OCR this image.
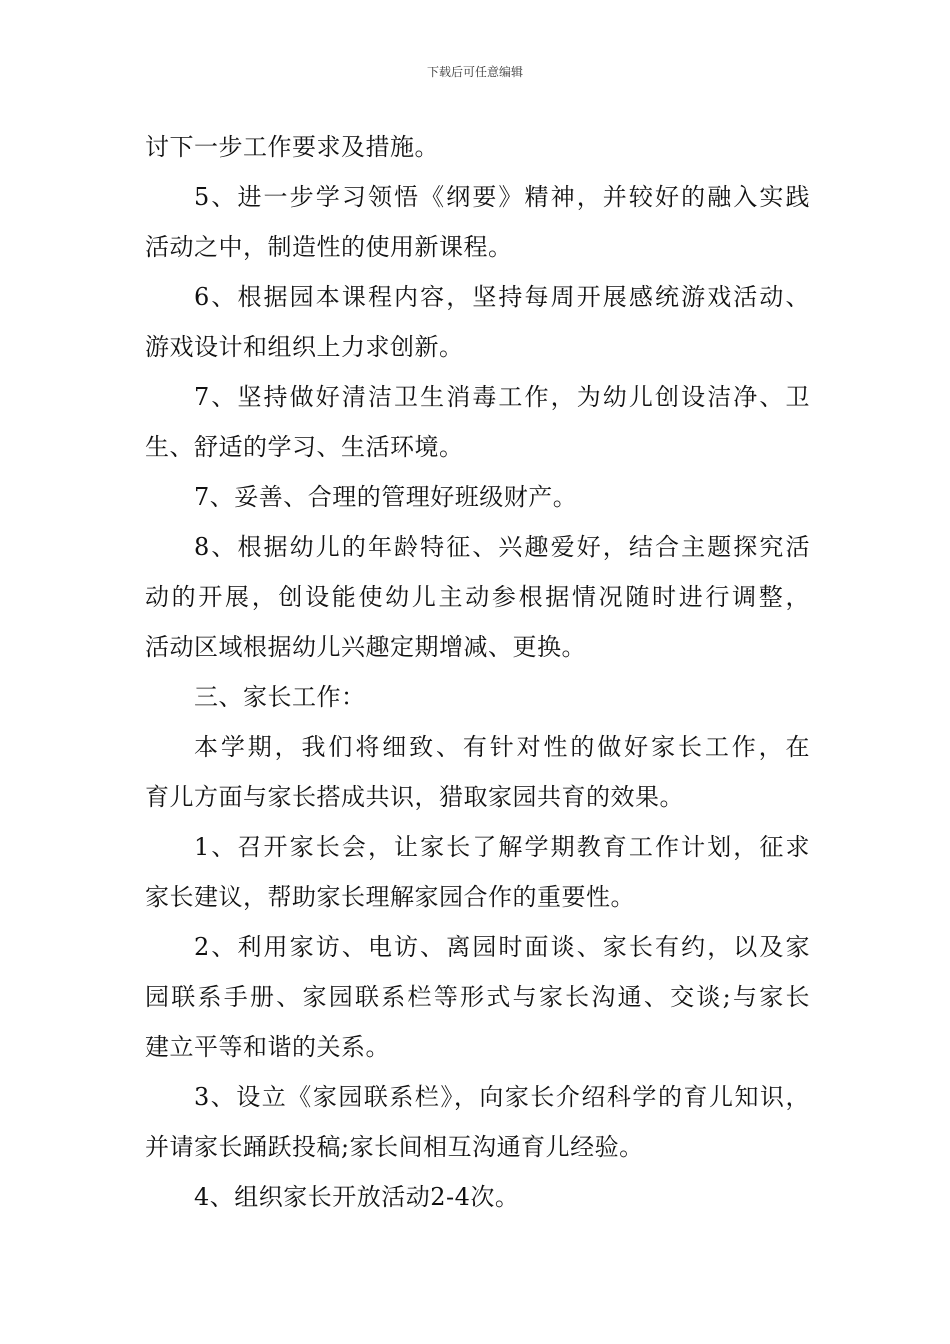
下载后可任意编辑
讨下一步工作要求及措施。
5、进一步学习领悟《纲要》精神，并较好的融入实践
活动之中，制造性的使用新课程。
6、根据园本课程内容，坚持每周开展感统游戏活动、
游戏设计和组织上力求创新。
7、坚持做好清洁卫生消毒工作，为幼儿创设洁净、卫
生、舒适的学习、生活环境。
7、妥善、合理的管理好班级财产。
8、根据幼儿的年龄特征、兴趣爱好，结合主题探究活
动的开展，创设能使幼儿主动参根据情况随时进行调整，
活动区域根据幼儿兴趣定期增减、更换。
三、家长工作：
本学期，我们将细致、有针对性的做好家长工作，在
育儿方面与家长搭成共识，猎取家园共育的效果。
1、召开家长会，让家长了解学期教育工作计划，征求
家长建议，帮助家长理解家园合作的重要性。
2、利用家访、电访、离园时面谈、家长有约，以及家
园联系手册、家园联系栏等形式与家长沟通、交谈;与家长
建立平等和谐的关系。
3、设立《家园联系栏》，向家长介绍科学的育儿知识，
并请家长踊跃投稿;家长间相互沟通育儿经验。
4、组织家长开放活动2-4次。
